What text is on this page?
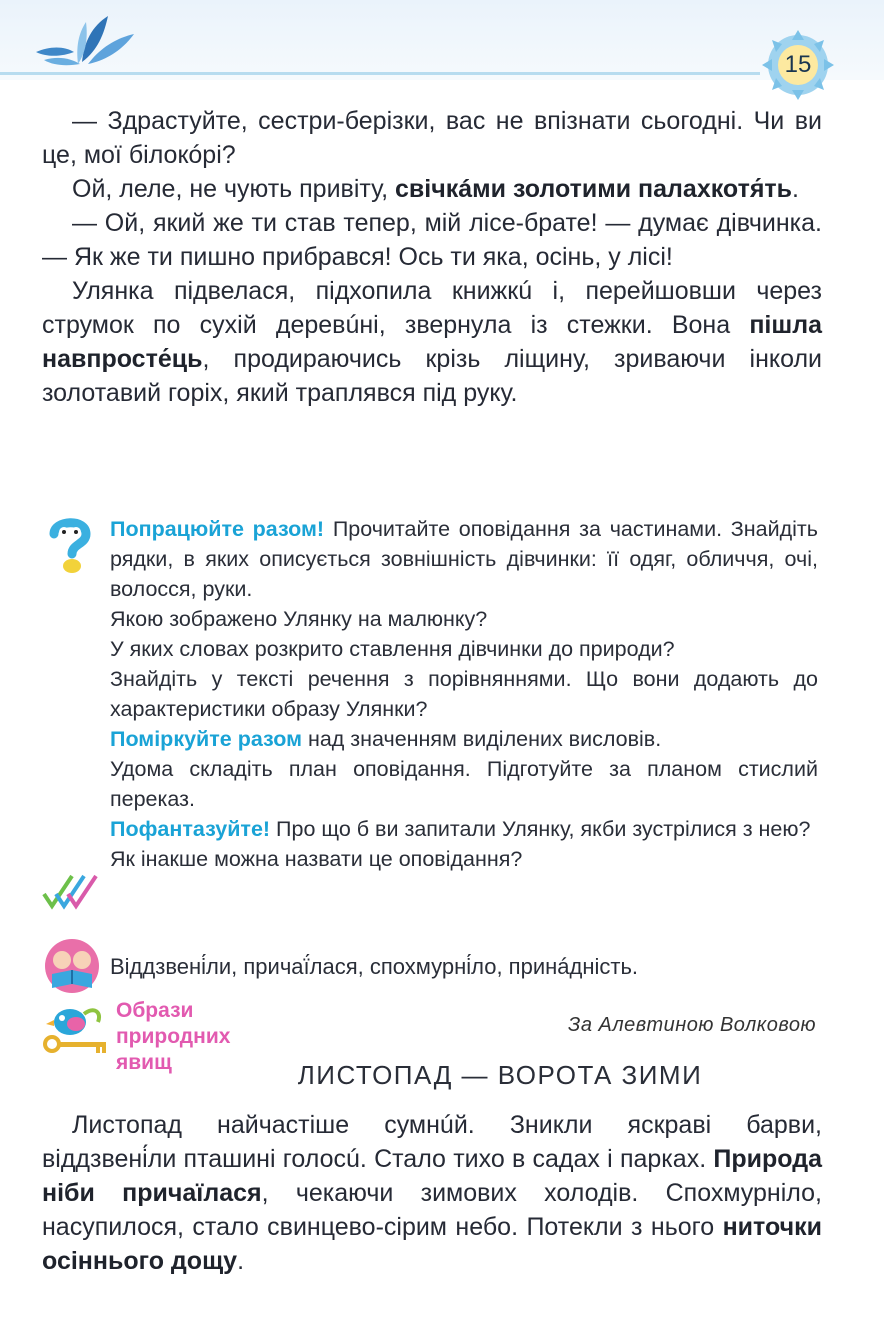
15

— Здрастуйте, сестри-берізки, вас не впізнати сьогодні. Чи ви це, мої білокóрі?

Ой, леле, не чують привіту, свічкáми золотими палахкотя́ть.

— Ой, який же ти став тепер, мій лісе-брате! — думає дівчинка. — Як же ти пишно прибрався! Ось ти яка, осінь, у лісі!

Улянка підвелася, підхопила книжкú і, перейшовши через струмок по сухій деревúні, звернула із стежки. Вона пішла навпросте́ць, продираючись крізь ліщину, зриваючи інколи золотавий горіх, який траплявся під руку.

Попрацюйте разом! Прочитайте оповідання за частинами. Знайдіть рядки, в яких описується зовнішність дівчинки: її одяг, обличчя, очі, волосся, руки.

Якою зображено Улянку на малюнку?

У яких словах розкрито ставлення дівчинки до природи?

Знайдіть у тексті речення з порівняннями. Що вони додають до характеристики образу Улянки?

Поміркуйте разом над значенням виділених висловів.

Удома складіть план оповідання. Підготуйте за планом стислий переказ.

Пофантазуйте! Про що б ви запитали Улянку, якби зустрілися з нею?

Як інакше можна назвати це оповідання?

Віддзвені́ли, причаї́лася, спохмурні́ло, принáдність.
Образи природних явищ
За Алевтиною Волковою
ЛИСТОПАД — ВОРОТА ЗИМИ

Листопад найчастіше сумнúй. Зникли яскраві барви, віддзвені́ли пташині голосú. Стало тихо в садах і парках. Природа ніби причаїлася, чекаючи зимових холодів. Спохмурніло, насупилося, стало свинцево-сірим небо. Потекли з нього ниточки осіннього дощу.
